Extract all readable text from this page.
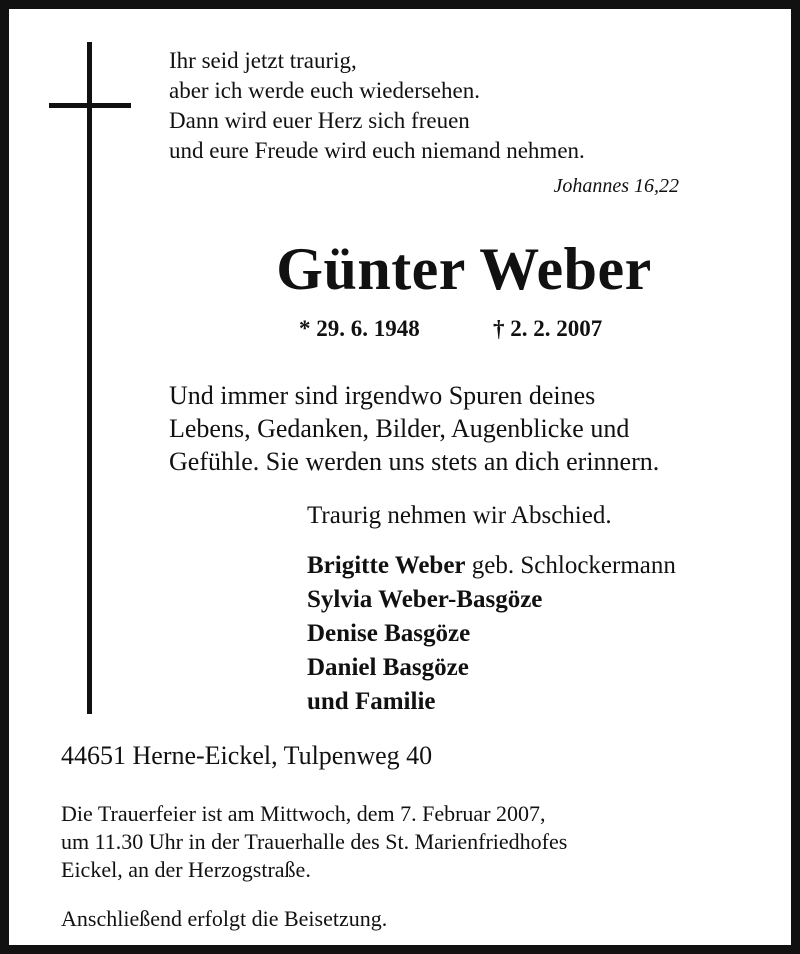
Ihr seid jetzt traurig,
aber ich werde euch wiedersehen.
Dann wird euer Herz sich freuen
und eure Freude wird euch niemand nehmen.
Johannes 16,22
Günter Weber
* 29. 6. 1948	† 2. 2. 2007
Und immer sind irgendwo Spuren deines
Lebens, Gedanken, Bilder, Augenblicke und
Gefühle. Sie werden uns stets an dich erinnern.
Traurig nehmen wir Abschied.
Brigitte Weber geb. Schlockermann
Sylvia Weber-Basgöze
Denise Basgöze
Daniel Basgöze
und Familie
44651 Herne-Eickel, Tulpenweg 40
Die Trauerfeier ist am Mittwoch, dem 7. Februar 2007,
um 11.30 Uhr in der Trauerhalle des St. Marienfriedhofes
Eickel, an der Herzogstraße.
Anschließend erfolgt die Beisetzung.
